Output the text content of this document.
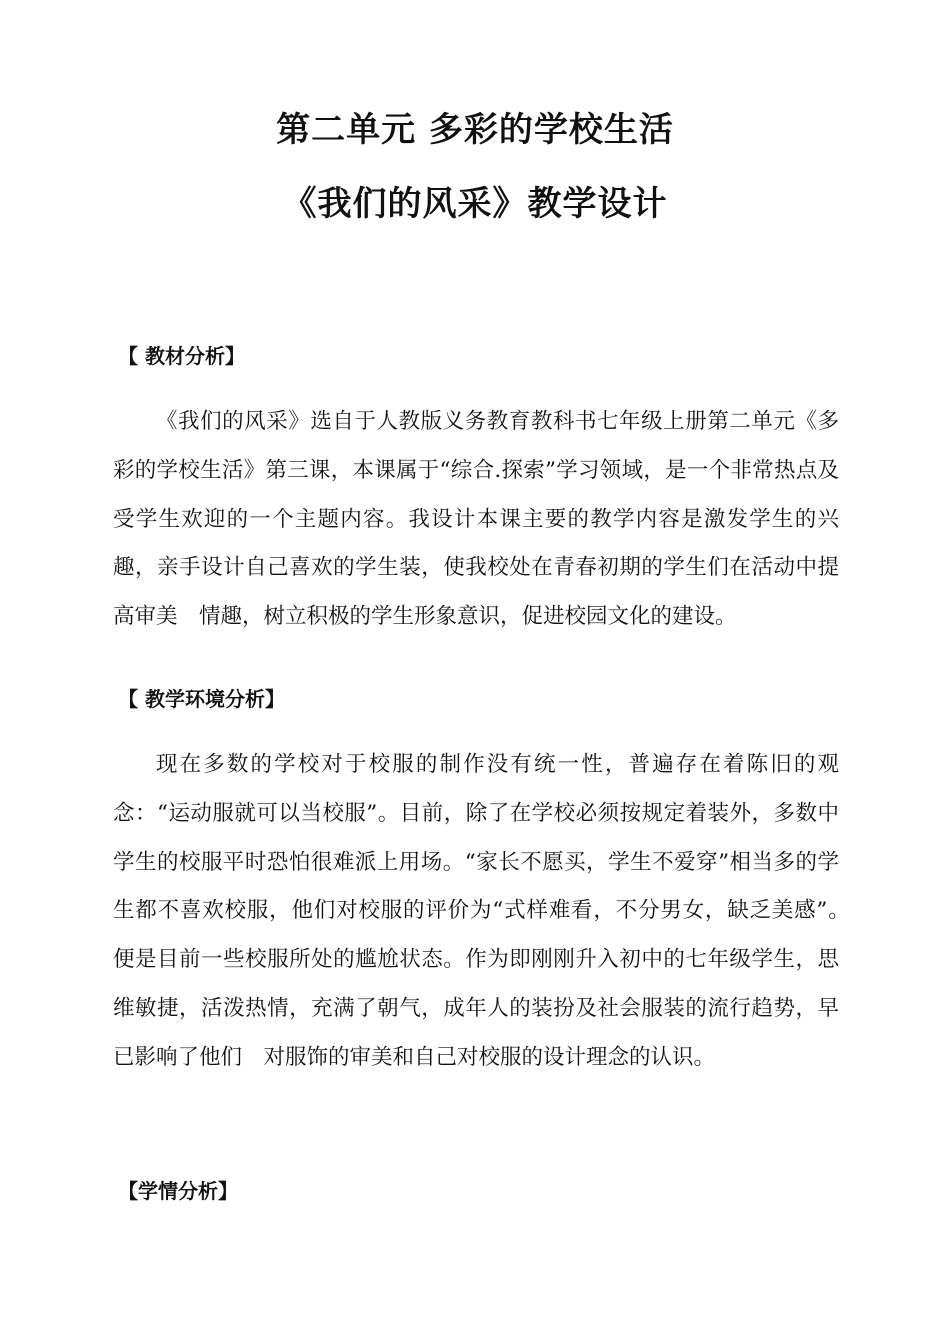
第二单元 多彩的学校生活
《我们的风采》教学设计
【 教材分析】

《我们的风采》选自于人教版义务教育教科书七年级上册第二单元《多彩的学校生活》第三课，本课属于“综合.探索”学习领域，是一个非常热点及受学生欢迎的一个主题内容。我设计本课主要的教学内容是激发学生的兴趣，亲手设计自己喜欢的学生装，使我校处在青春初期的学生们在活动中提高审美　情趣，树立积极的学生形象意识，促进校园文化的建设。

【 教学环境分析】

现在多数的学校对于校服的制作没有统一性，普遍存在着陈旧的观念：“运动服就可以当校服”。目前，除了在学校必须按规定着装外，多数中学生的校服平时恐怕很难派上用场。“家长不愿买，学生不爱穿”相当多的学生都不喜欢校服，他们对校服的评价为“式样难看，不分男女，缺乏美感”。　便是目前一些校服所处的尴尬状态。作为即刚刚升入初中的七年级学生，思维敏捷，活泼热情，充满了朝气，成年人的装扮及社会服装的流行趋势，早已影响了他们　对服饰的审美和自己对校服的设计理念的认识。

【学情分析】
